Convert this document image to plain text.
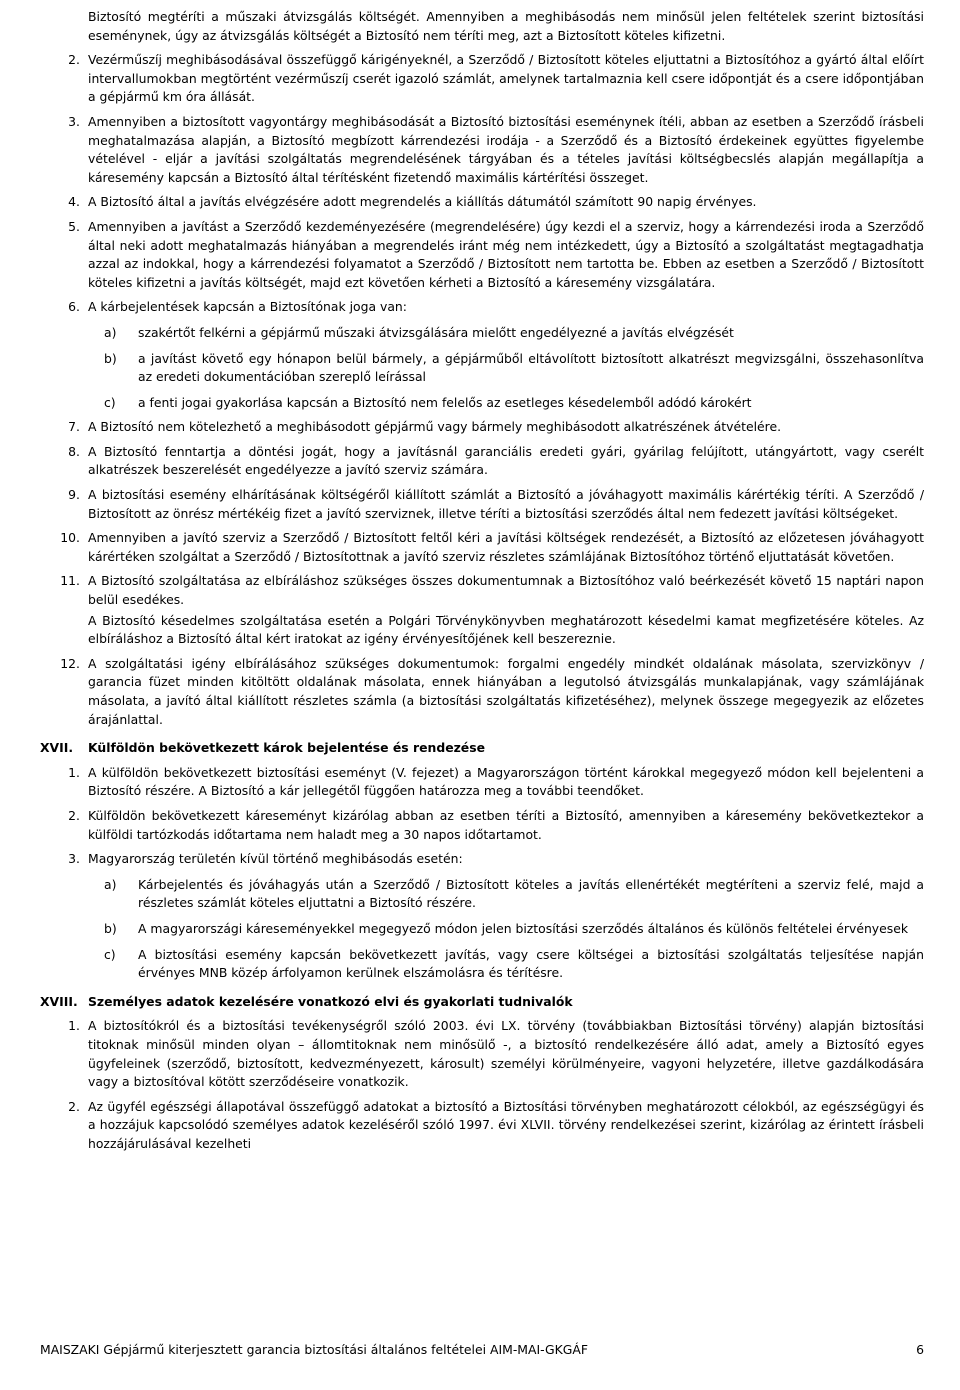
Biztosító megtéríti a műszaki átvizsgálás költségét. Amennyiben a meghibásodás nem minősül jelen feltételek szerint biztosítási eseménynek, úgy az átvizsgálás költségét a Biztosító nem téríti meg, azt a Biztosított köteles kifizetni.

2. Vezérműszíj meghibásodásával összefüggő kárigényeknél, a Szerződő / Biztosított köteles eljuttatni a Biztosítóhoz a gyártó által előírt intervallumokban megtörtént vezérműszíj cserét igazoló számlát, amelynek tartalmaznia kell csere időpontját és a csere időpontjában a gépjármű km óra állását.

3. Amennyiben a biztosított vagyontárgy meghibásodását a Biztosító biztosítási eseménynek ítéli, abban az esetben a Szerződő írásbeli meghatalmazása alapján, a Biztosító megbízott kárrendezési irodája - a Szerződő és a Biztosító érdekeinek együttes figyelembe vételével - eljár a javítási szolgáltatás megrendelésének tárgyában és a tételes javítási költségbecslés alapján megállapítja a káresemény kapcsán a Biztosító által térítésként fizetendő maximális kártérítési összeget.

4. A Biztosító által a javítás elvégzésére adott megrendelés a kiállítás dátumától számított 90 napig érvényes.

5. Amennyiben a javítást a Szerződő kezdeményezésére (megrendelésére) úgy kezdi el a szerviz, hogy a kárrendezési iroda a Szerződő által neki adott meghatalmazás hiányában a megrendelés iránt még nem intézkedett, úgy a Biztosító a szolgáltatást megtagadhatja azzal az indokkal, hogy a kárrendezési folyamatot a Szerződő / Biztosított nem tartotta be. Ebben az esetben a Szerződő / Biztosított köteles kifizetni a javítás költségét, majd ezt követően kérheti a Biztosító a káresemény vizsgálatára.

6. A kárbejelentések kapcsán a Biztosítónak joga van:

a) szakértőt felkérni a gépjármű műszaki átvizsgálására mielőtt engedélyezné a javítás elvégzését

b) a javítást követő egy hónapon belül bármely, a gépjárműből eltávolított biztosított alkatrészt megvizsgálni, összehasonlítva az eredeti dokumentációban szereplő leírással

c) a fenti jogai gyakorlása kapcsán a Biztosító nem felelős az esetleges késedelemből adódó károkért

7. A Biztosító nem kötelezhető a meghibásodott gépjármű vagy bármely meghibásodott alkatrészének átvételére.

8. A Biztosító fenntartja a döntési jogát, hogy a javításnál garanciális eredeti gyári, gyárilag felújított, utángyártott, vagy cserélt alkatrészek beszerelését engedélyezze a javító szerviz számára.

9. A biztosítási esemény elhárításának költségéről kiállított számlát a Biztosító a jóváhagyott maximális kárértékig téríti. A Szerződő / Biztosított az önrész mértékéig fizet a javító szerviznek, illetve téríti a biztosítási szerződés által nem fedezett javítási költségeket.

10. Amennyiben a javító szerviz a Szerződő / Biztosított feltől kéri a javítási költségek rendezését, a Biztosító az előzetesen jóváhagyott kárértéken szolgáltat a Szerződő / Biztosítottnak a javító szerviz részletes számlájának Biztosítóhoz történő eljuttatását követően.

11. A Biztosító szolgáltatása az elbíráláshoz szükséges összes dokumentumnak a Biztosítóhoz való beérkezését követő 15 naptári napon belül esedékes.

A Biztosító késedelmes szolgáltatása esetén a Polgári Törvénykönyvben meghatározott késedelmi kamat megfizetésére köteles. Az elbíráláshoz a Biztosító által kért iratokat az igény érvényesítőjének kell beszereznie.

12. A szolgáltatási igény elbírálásához szükséges dokumentumok: forgalmi engedély mindkét oldalának másolata, szervizkönyv / garancia füzet minden kitöltött oldalának másolata, ennek hiányában a legutolsó átvizsgálás munkalapjának, vagy számlájának másolata, a javító által kiállított részletes számla (a biztosítási szolgáltatás kifizetéséhez), melynek összege megegyezik az előzetes árajánlattal.

XVII. Külföldön bekövetkezett károk bejelentése és rendezése
1. A külföldön bekövetkezett biztosítási eseményt (V. fejezet) a Magyarországon történt károkkal megegyező módon kell bejelenteni a Biztosító részére. A Biztosító a kár jellegétől függően határozza meg a további teendőket.

2. Külföldön bekövetkezett káreseményt kizárólag abban az esetben téríti a Biztosító, amennyiben a káresemény bekövetkeztekor a külföldi tartózkodás időtartama nem haladt meg a 30 napos időtartamot.

3. Magyarország területén kívül történő meghibásodás esetén:

a) Kárbejelentés és jóváhagyás után a Szerződő / Biztosított köteles a javítás ellenértékét megtéríteni a szerviz felé, majd a részletes számlát köteles eljuttatni a Biztosító részére.

b) A magyarországi káreseményekkel megegyező módon jelen biztosítási szerződés általános és különös feltételei érvényesek

c) A biztosítási esemény kapcsán bekövetkezett javítás, vagy csere költségei a biztosítási szolgáltatás teljesítése napján érvényes MNB közép árfolyamon kerülnek elszámolásra és térítésre.

XVIII. Személyes adatok kezelésére vonatkozó elvi és gyakorlati tudnivalók
1. A biztosítókról és a biztosítási tevékenységről szóló 2003. évi LX. törvény (továbbiakban Biztosítási törvény) alapján biztosítási titoknak minősül minden olyan – állomtitoknak nem minősülő -, a biztosító rendelkezésére álló adat, amely a Biztosító egyes ügyfeleinek (szerződő, biztosított, kedvezményezett, károsult) személyi körülményeire, vagyoni helyzetére, illetve gazdálkodására vagy a biztosítóval kötött szerződéseire vonatkozik.

2. Az ügyfél egészségi állapotával összefüggő adatokat a biztosító a Biztosítási törvényben meghatározott célokból, az egészségügyi és a hozzájuk kapcsolódó személyes adatok kezeléséről szóló 1997. évi XLVII. törvény rendelkezései szerint, kizárólag az érintett írásbeli hozzájárulásával kezelheti

MAISZAKI Gépjármű kiterjesztett garancia biztosítási általános feltételei AIM-MAI-GKGÁF	6
